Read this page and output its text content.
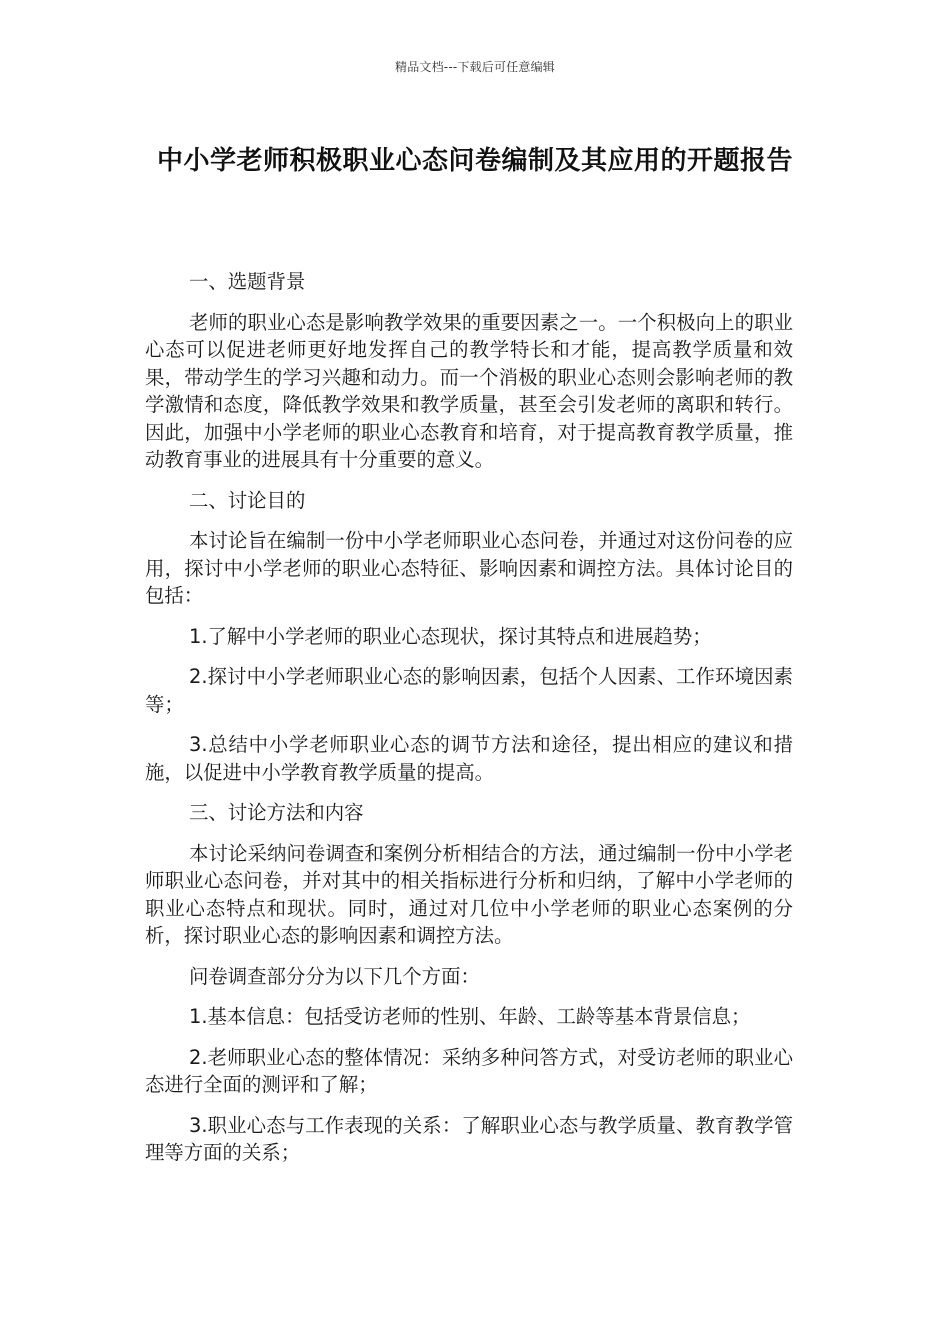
精品文档---下载后可任意编辑
中小学老师积极职业心态问卷编制及其应用的开题报告

一、选题背景

老师的职业心态是影响教学效果的重要因素之一。一个积极向上的职业心态可以促进老师更好地发挥自己的教学特长和才能，提高教学质量和效果，带动学生的学习兴趣和动力。而一个消极的职业心态则会影响老师的教学激情和态度，降低教学效果和教学质量，甚至会引发老师的离职和转行。因此，加强中小学老师的职业心态教育和培育，对于提高教育教学质量，推动教育事业的进展具有十分重要的意义。

二、讨论目的

本讨论旨在编制一份中小学老师职业心态问卷，并通过对这份问卷的应用，探讨中小学老师的职业心态特征、影响因素和调控方法。具体讨论目的包括：

1.了解中小学老师的职业心态现状，探讨其特点和进展趋势；

2.探讨中小学老师职业心态的影响因素，包括个人因素、工作环境因素等；

3.总结中小学老师职业心态的调节方法和途径，提出相应的建议和措施，以促进中小学教育教学质量的提高。

三、讨论方法和内容

本讨论采纳问卷调查和案例分析相结合的方法，通过编制一份中小学老师职业心态问卷，并对其中的相关指标进行分析和归纳，了解中小学老师的职业心态特点和现状。同时，通过对几位中小学老师的职业心态案例的分析，探讨职业心态的影响因素和调控方法。

问卷调查部分分为以下几个方面：

1.基本信息：包括受访老师的性别、年龄、工龄等基本背景信息；

2.老师职业心态的整体情况：采纳多种问答方式，对受访老师的职业心态进行全面的测评和了解；

3.职业心态与工作表现的关系：了解职业心态与教学质量、教育教学管理等方面的关系；
